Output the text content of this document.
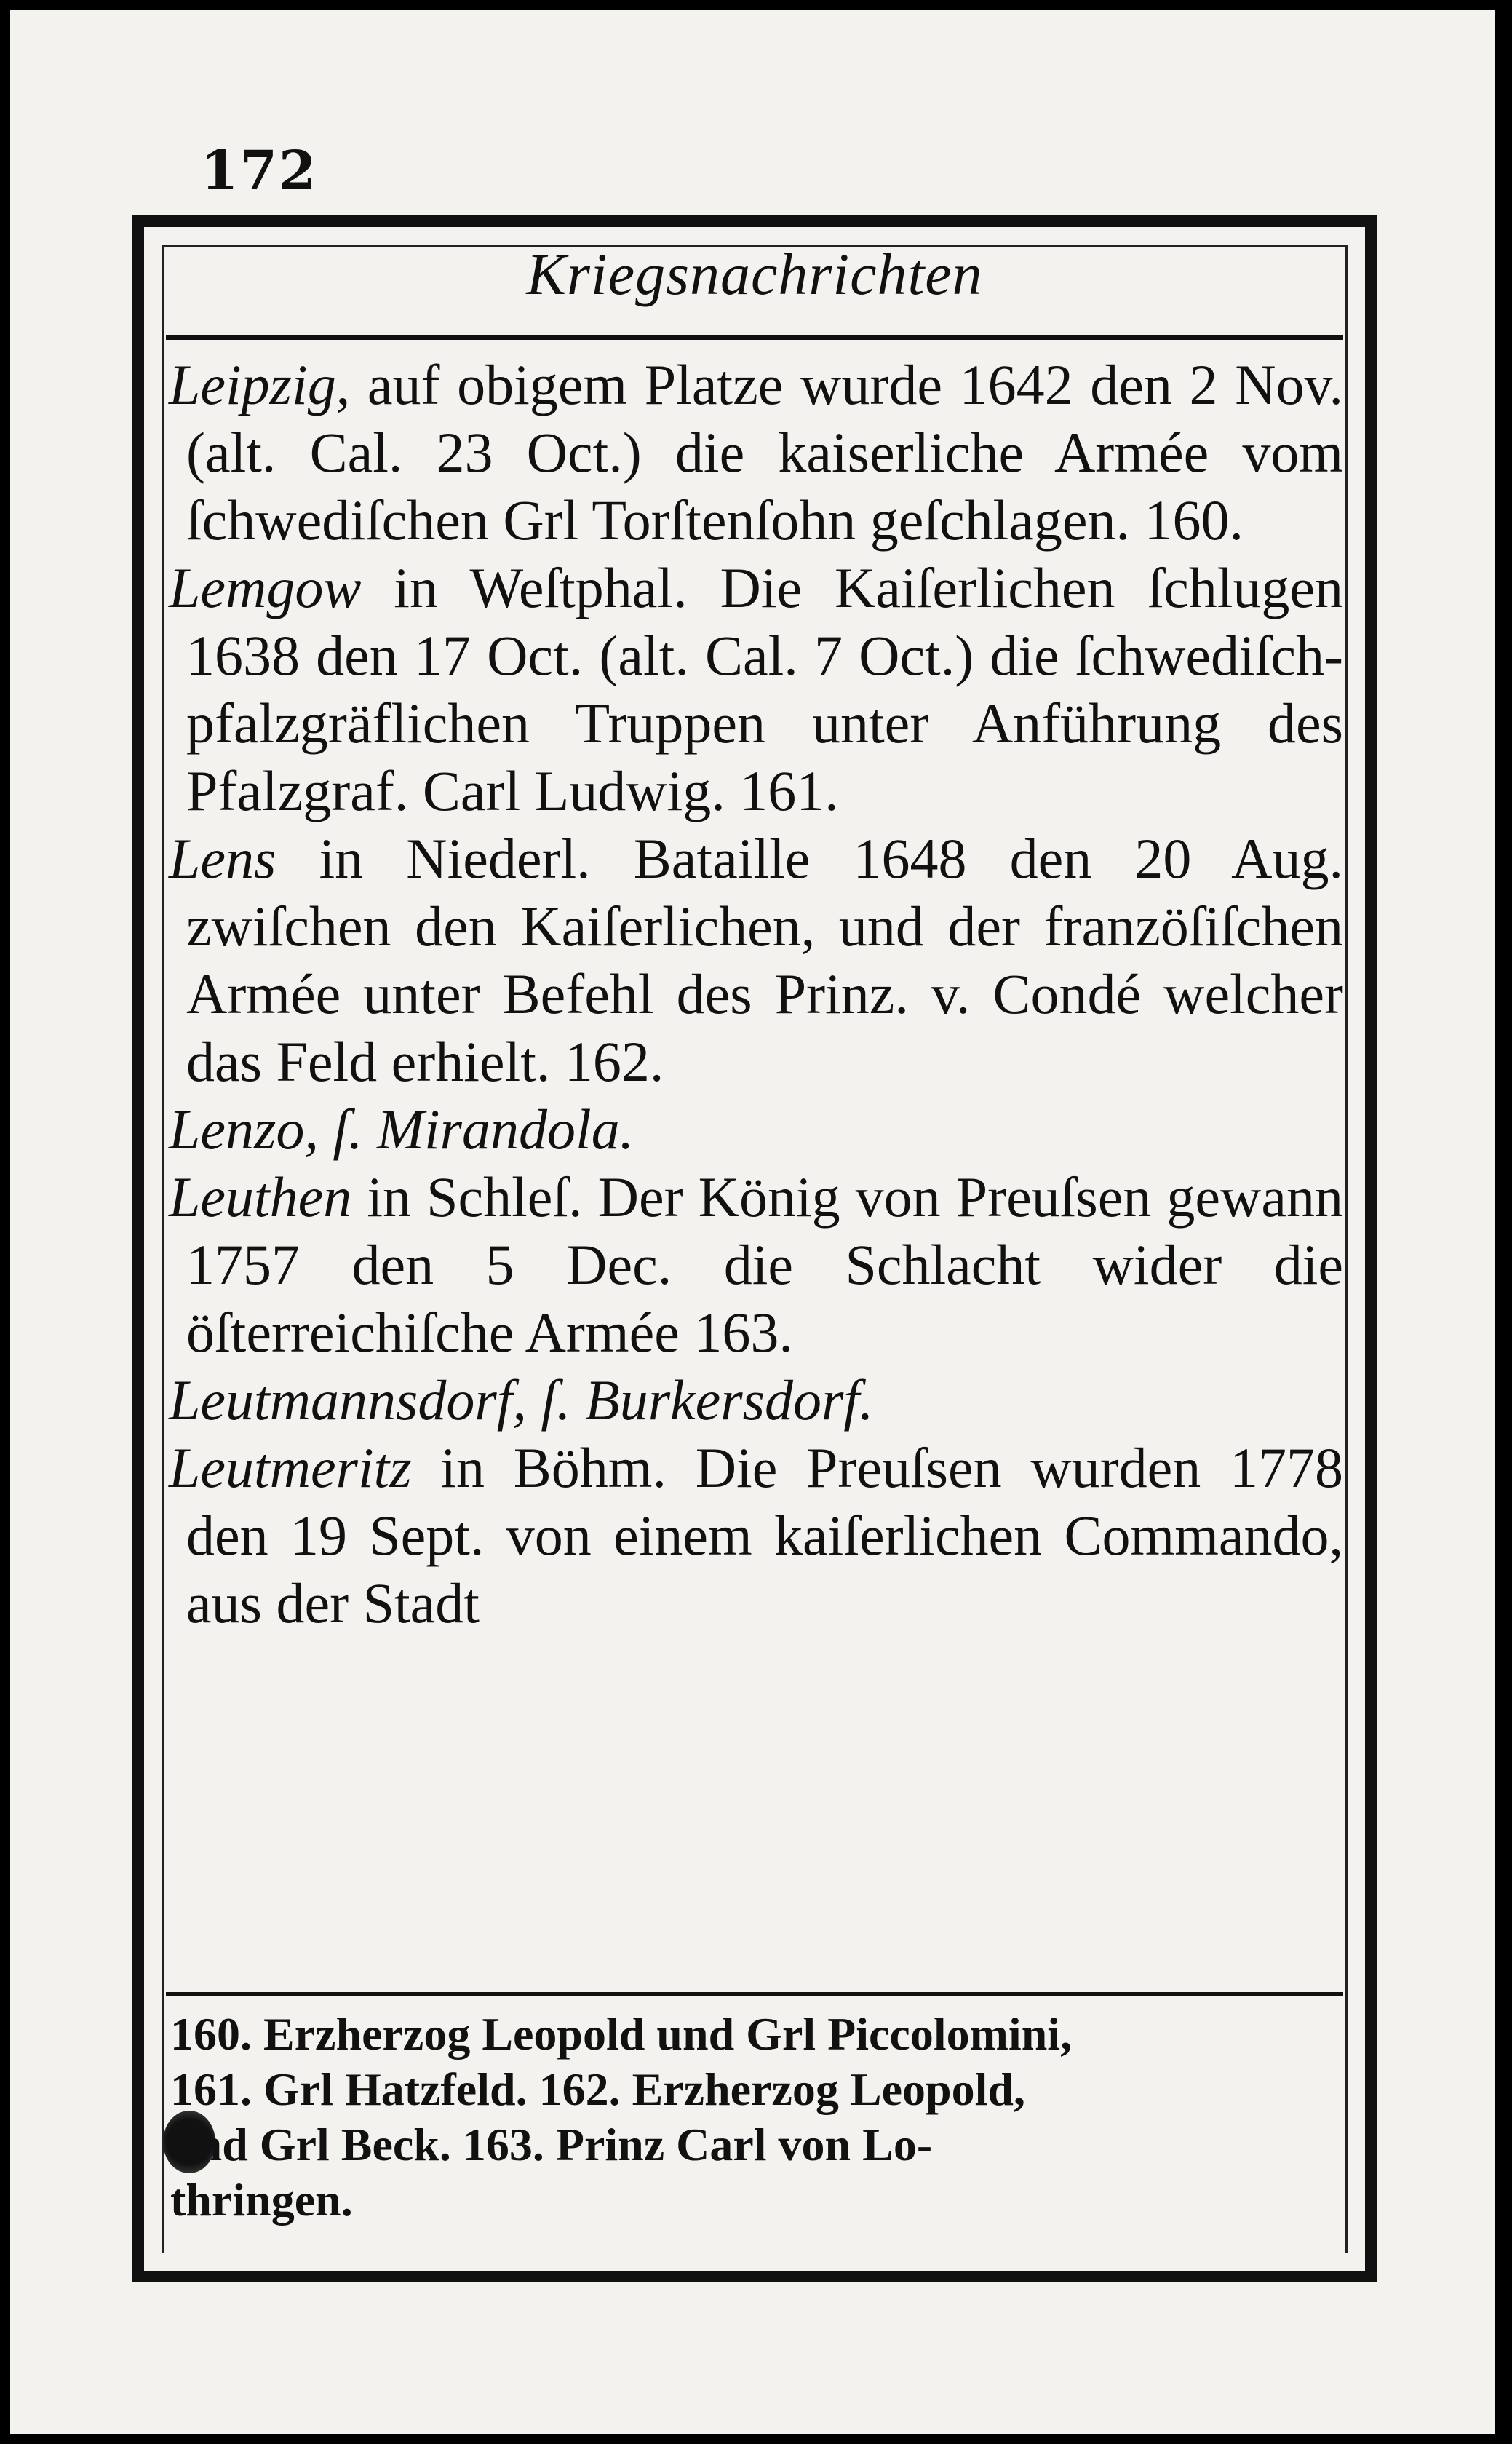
172
Kriegsnachrichten
Leipzig, auf obigem Platze wurde 1642 den 2 Nov. (alt. Cal. 23 Oct.) die kaiserliche Armée vom ſchwediſchen Grl Torſtenſohn geſchlagen. 160.
Lemgow in Weſtphal. Die Kaiſerlichen ſchlugen 1638 den 17 Oct. (alt. Cal. 7 Oct.) die ſchwediſch-pfalzgräflichen Truppen unter Anführung des Pfalzgraf. Carl Ludwig. 161.
Lens in Niederl. Bataille 1648 den 20 Aug. zwiſchen den Kaiſerlichen, und der franzöſiſchen Armée unter Befehl des Prinz. v. Condé welcher das Feld erhielt. 162.
Lenzo, ſ. Mirandola.
Leuthen in Schleſ. Der König von Preuſsen gewann 1757 den 5 Dec. die Schlacht wider die öſterreichiſche Armée 163.
Leutmannsdorf, ſ. Burkersdorf.
Leutmeritz in Böhm. Die Preuſsen wurden 1778 den 19 Sept. von einem kaiſerlichen Commando, aus der Stadt

160. Erzherzog Leopold und Grl Piccolomini,

161. Grl Hatzfeld. 162. Erzherzog Leopold,

und Grl Beck. 163. Prinz Carl von Lo-

thringen.
